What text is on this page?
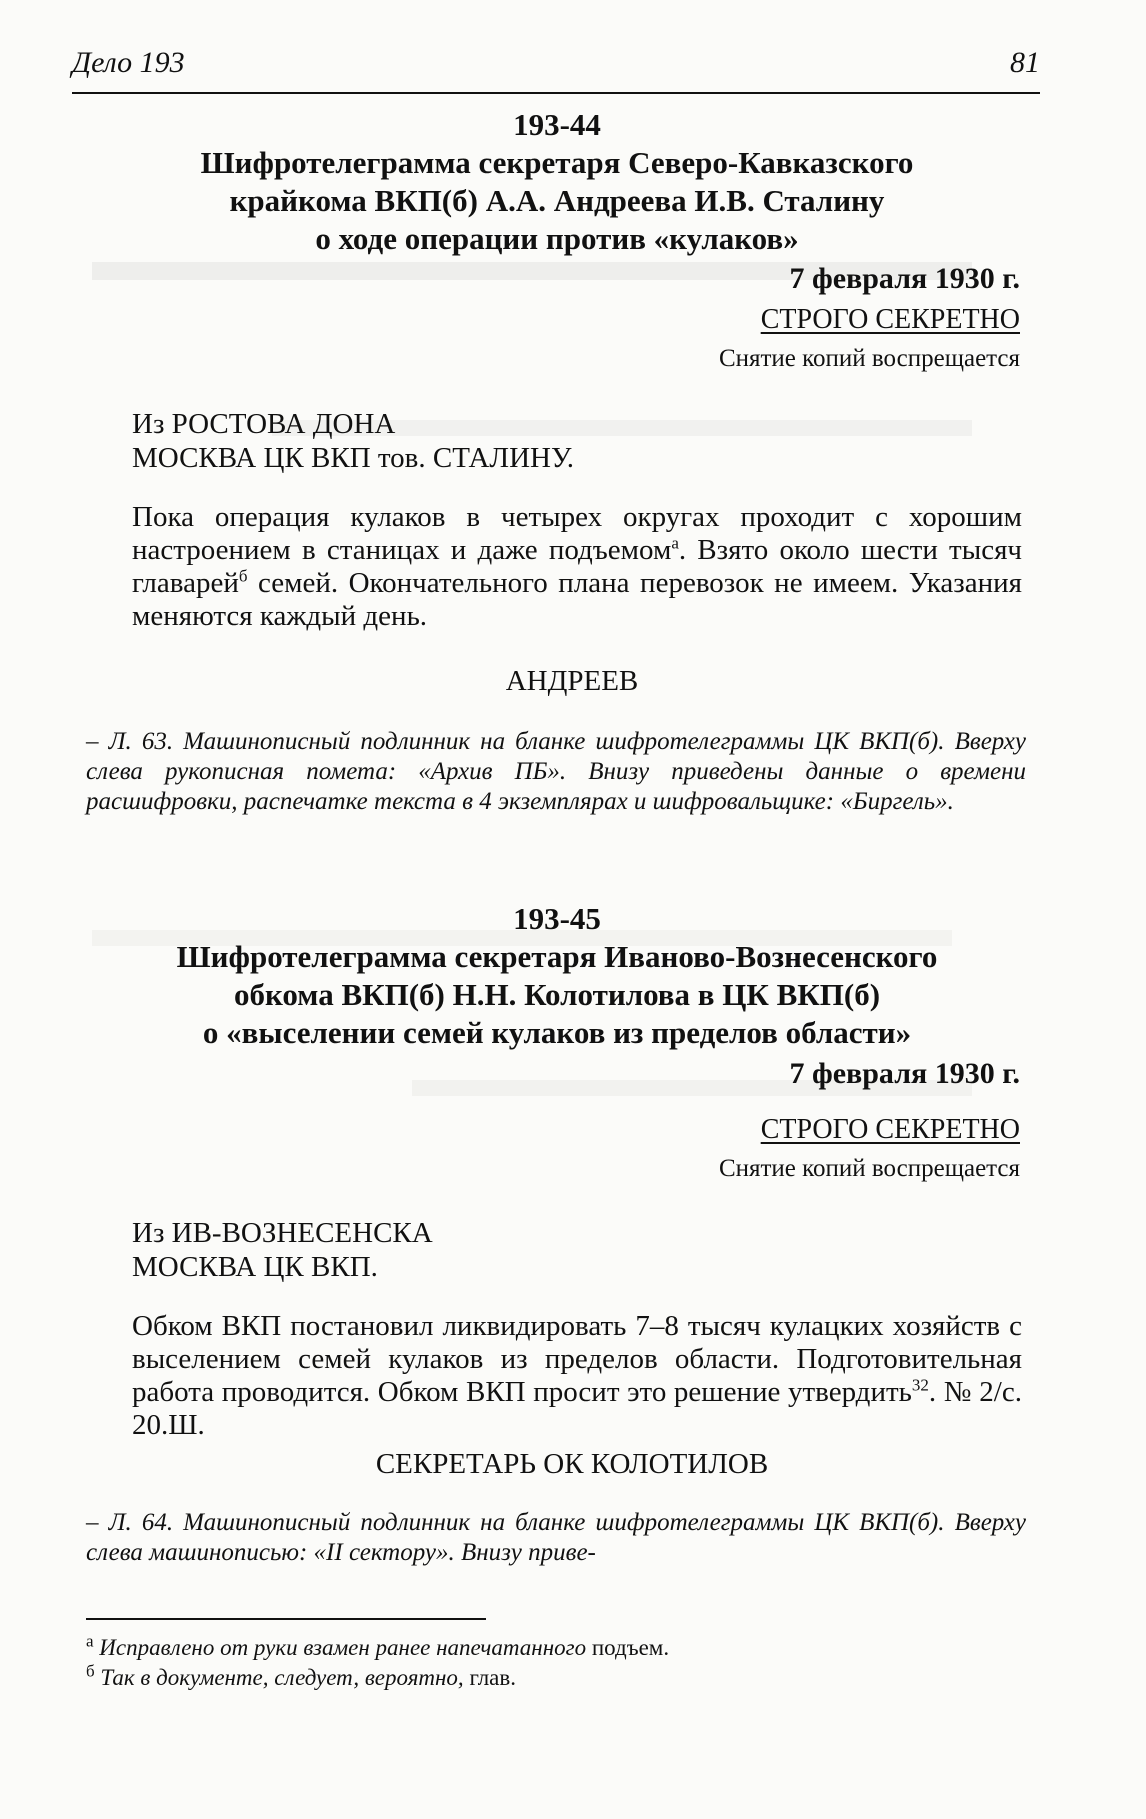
Дело 193	81
193-44
Шифротелеграмма секретаря Северо-Кавказского
крайкома ВКП(б) А.А. Андреева И.В. Сталину
о ходе операции против «кулаков»
7 февраля 1930 г.
СТРОГО СЕКРЕТНО
Снятие копий воспрещается
Из РОСТОВА ДОНА
МОСКВА ЦК ВКП тов. СТАЛИНУ.
Пока операция кулаков в четырех округах проходит с хорошим настроением в станицах и даже подъемом$^а$. Взято около шести тысяч главарей$^б$ семей. Окончательного плана перевозок не имеем. Указания меняются каждый день.
АНДРЕЕВ
– Л. 63. Машинописный подлинник на бланке шифротелеграммы ЦК ВКП(б). Вверху слева рукописная помета: «Архив ПБ». Внизу приведены данные о времени расшифровки, распечатке текста в 4 экземплярах и шифровальщике: «Биргель».
193-45
Шифротелеграмма секретаря Иваново-Вознесенского
обкома ВКП(б) Н.Н. Колотилова в ЦК ВКП(б)
о «выселении семей кулаков из пределов области»
7 февраля 1930 г.
СТРОГО СЕКРЕТНО
Снятие копий воспрещается
Из ИВ-ВОЗНЕСЕНСКА
МОСКВА ЦК ВКП.
Обком ВКП постановил ликвидировать 7–8 тысяч кулацких хозяйств с выселением семей кулаков из пределов области. Подготовительная работа проводится. Обком ВКП просит это решение утвердить$^{32}$. № 2/с. 20.Ш.
СЕКРЕТАРЬ ОК КОЛОТИЛОВ
– Л. 64. Машинописный подлинник на бланке шифротелеграммы ЦК ВКП(б). Вверху слева машинописью: «II сектору». Внизу приве-
$^а$ Исправлено от руки взамен ранее напечатанного подъем.
$^б$ Так в документе, следует, вероятно, глав.
